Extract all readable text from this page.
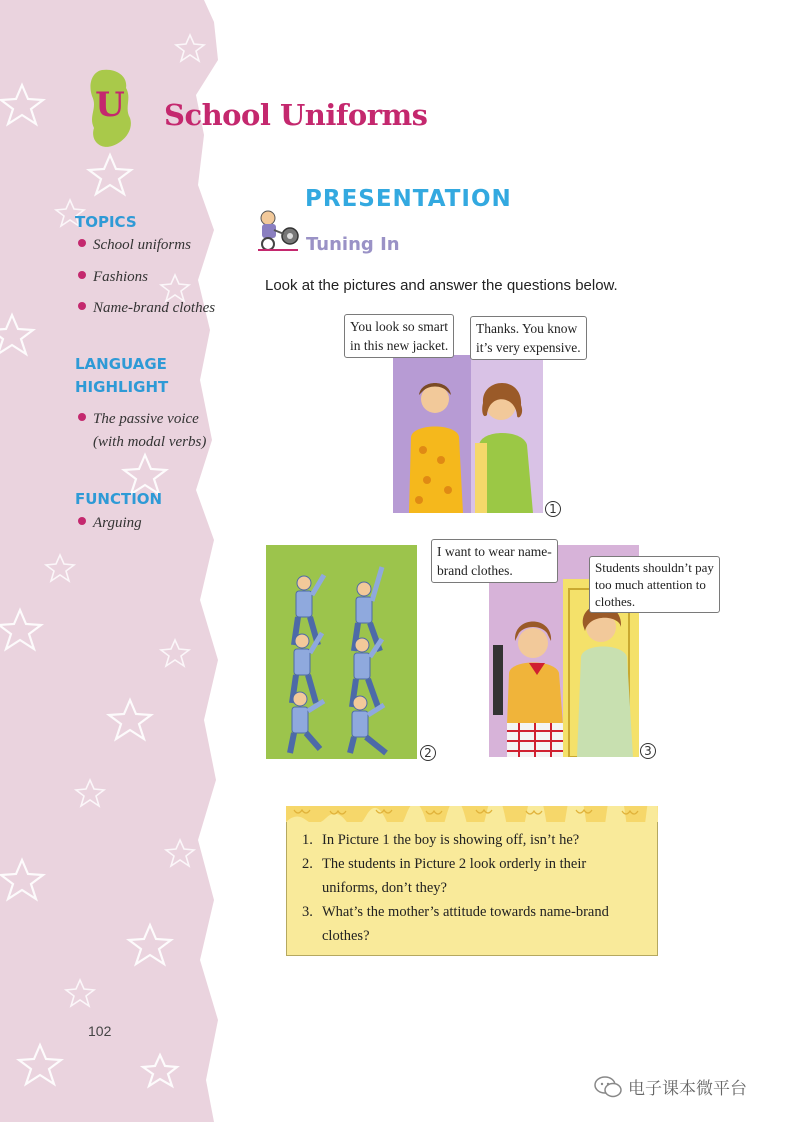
U School Uniforms
TOPICS
School uniforms
Fashions
Name-brand clothes
LANGUAGE
HIGHLIGHT
The passive voice
(with modal verbs)
FUNCTION
Arguing
PRESENTATION
Tuning In
Look at the pictures and answer the questions below.
You look so smart
in this new jacket.
Thanks. You know
it’s very expensive.
1
2
I want to wear name-
brand clothes.	Students shouldn’t pay
too much attention to
clothes.
3
1. In Picture 1 the boy is showing off, isn’t he?
2. The students in Picture 2 look orderly in their uniforms, don’t they?
3. What’s the mother’s attitude towards name-brand clothes?
102
电子课本微平台
